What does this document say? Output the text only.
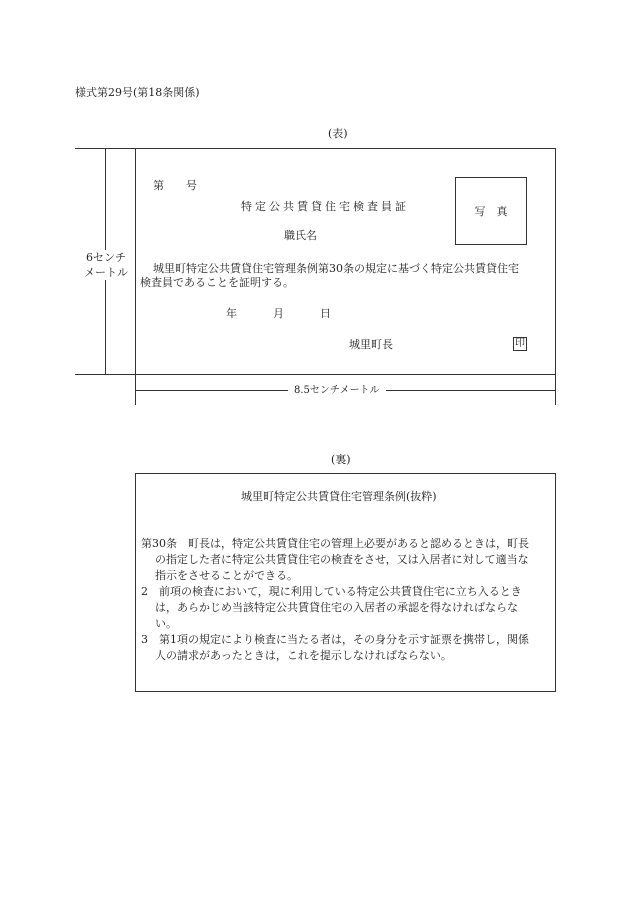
様式第29号(第18条関係)
(表)
6センチ
メートル
第　　号
特定公共賃貸住宅検査員証	写　真
職氏名
城里町特定公共賃貸住宅管理条例第30条の規定に基づく特定公共賃貸住宅
検査員であることを証明する。
年	月	日
城里町長	印
8.5センチメートル
(裏)
城里町特定公共賃貸住宅管理条例(抜粋)
第30条　町長は，特定公共賃貸住宅の管理上必要があると認めるときは，町長
の指定した者に特定公共賃貸住宅の検査をさせ，又は入居者に対して適当な
指示をさせることができる。
2　前項の検査において，現に利用している特定公共賃貸住宅に立ち入るとき
は，あらかじめ当該特定公共賃貸住宅の入居者の承認を得なければならな
い。
3　第1項の規定により検査に当たる者は，その身分を示す証票を携帯し，関係
人の請求があったときは，これを提示しなければならない。
